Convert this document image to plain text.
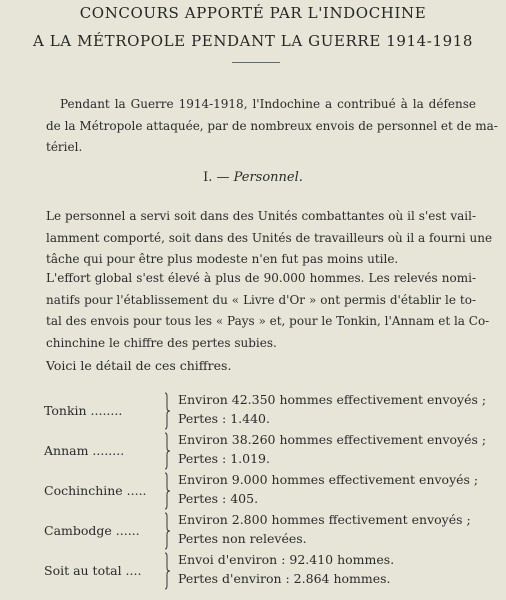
CONCOURS APPORTÉ PAR L'INDOCHINE
A LA MÉTROPOLE PENDANT LA GUERRE 1914-1918

Pendant la Guerre 1914-1918, l'Indochine a contribué à la défense
de la Métropole attaquée, par de nombreux envois de personnel et de ma-
tériel.

I. — Personnel.

Le personnel a servi soit dans des Unités combattantes où il s'est vail-
lamment comporté, soit dans des Unités de travailleurs où il a fourni une
tâche qui pour être plus modeste n'en fut pas moins utile.

L'effort global s'est élevé à plus de 90.000 hommes. Les relevés nomi-
natifs pour l'établissement du « Livre d'Or » ont permis d'établir le to-
tal des envois pour tous les « Pays » et, pour le Tonkin, l'Annam et la Co-
chinchine le chiffre des pertes subies.

Voici le détail de ces chiffres.

Tonkin ........
Environ 42.350 hommes effectivement envoyés ;
Pertes : 1.440.
Annam ........
Environ 38.260 hommes effectivement envoyés ;
Pertes : 1.019.
Cochinchine .....
Environ 9.000 hommes effectivement envoyés ;
Pertes : 405.
Cambodge ......
Environ 2.800 hommes ffectivement envoyés ;
Pertes non relevées.
Soit au total ....
Envoi d'environ : 92.410 hommes.
Pertes d'environ : 2.864 hommes.
